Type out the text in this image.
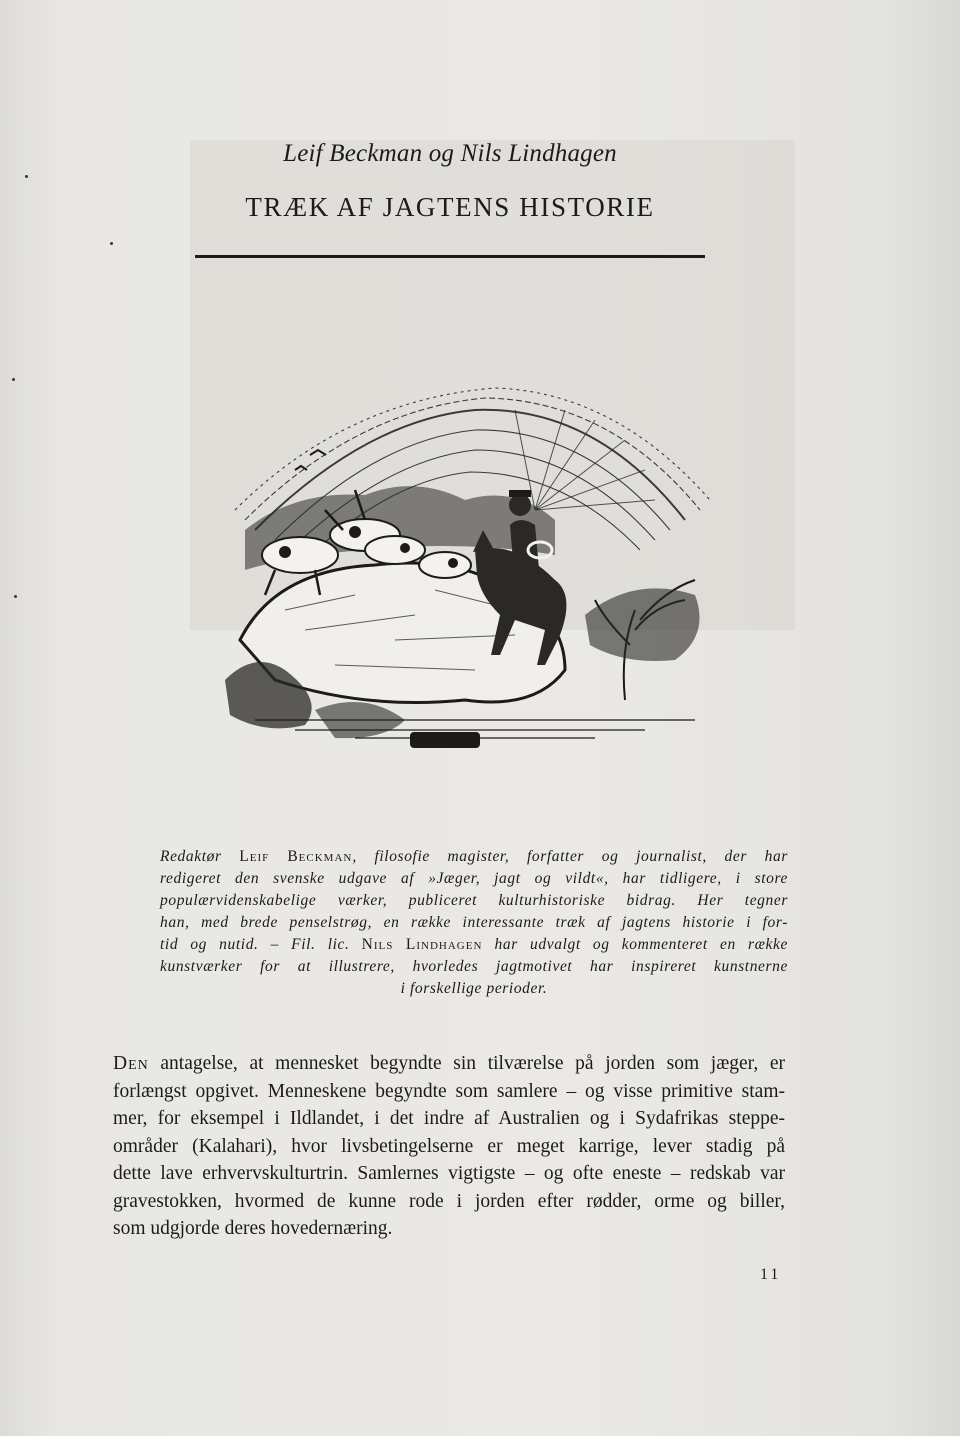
Leif Beckman og Nils Lindhagen
TRÆK AF JAGTENS HISTORIE
Redaktør Leif Beckman, filosofie magister, forfatter og journalist, der har
redigeret den svenske udgave af »Jæger, jagt og vildt«, har tidligere, i store
populærvidenskabelige værker, publiceret kulturhistoriske bidrag. Her tegner
han, med brede penselstrøg, en række interessante træk af jagtens historie i for-
tid og nutid. – Fil. lic. Nils Lindhagen har udvalgt og kommenteret en række
kunstværker for at illustrere, hvorledes jagtmotivet har inspireret kunstnerne
i forskellige perioder.
Den antagelse, at mennesket begyndte sin tilværelse på jorden som jæger, er
forlængst opgivet. Menneskene begyndte som samlere – og visse primitive stam-
mer, for eksempel i Ildlandet, i det indre af Australien og i Sydafrikas steppe-
områder (Kalahari), hvor livsbetingelserne er meget karrige, lever stadig på
dette lave erhvervskulturtrin. Samlernes vigtigste – og ofte eneste – redskab var
gravestokken, hvormed de kunne rode i jorden efter rødder, orme og biller,
som udgjorde deres hovedernæring.
11
